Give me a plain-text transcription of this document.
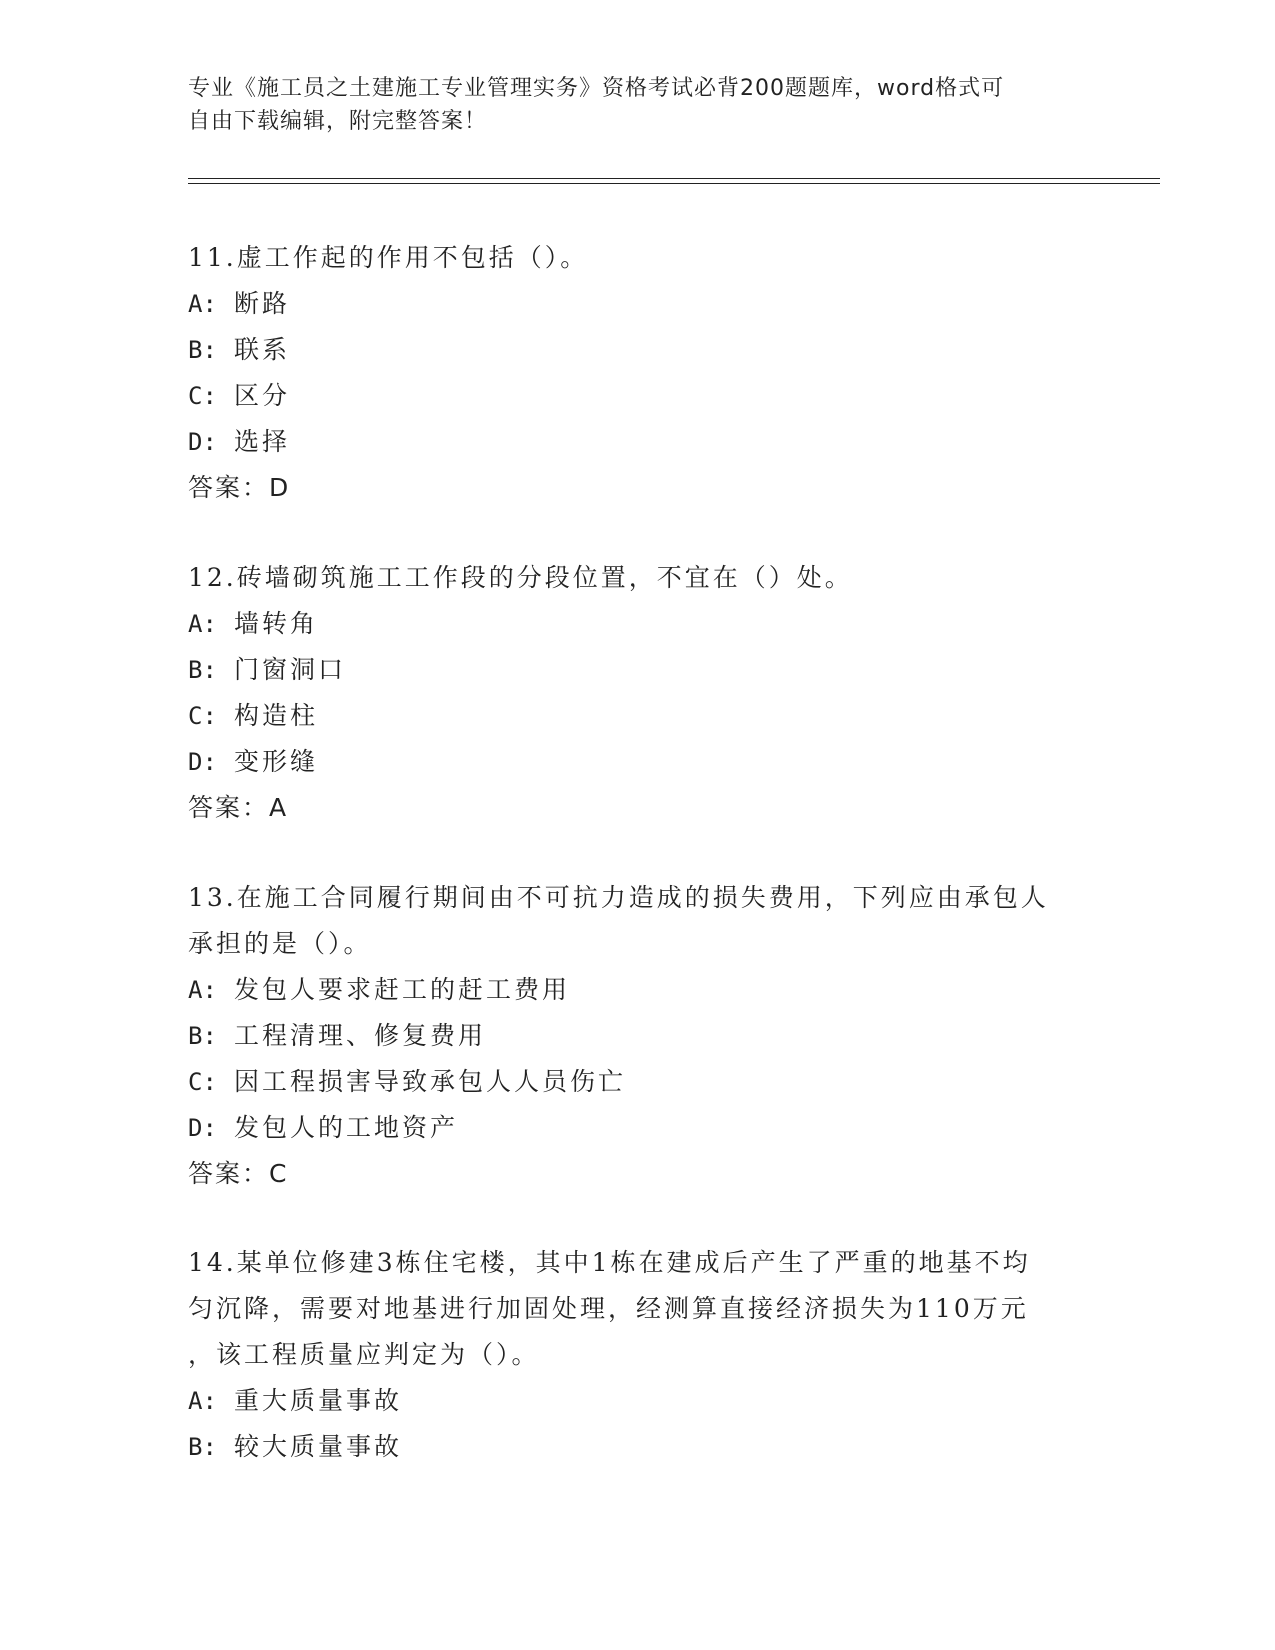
专业《施工员之土建施工专业管理实务》资格考试必背200题题库，word格式可
自由下载编辑，附完整答案！
11.虚工作起的作用不包括（）。
A: 断路
B: 联系
C: 区分
D: 选择
答案：D
12.砖墙砌筑施工工作段的分段位置，不宜在（）处。
A: 墙转角
B: 门窗洞口
C: 构造柱
D: 变形缝
答案：A
13.在施工合同履行期间由不可抗力造成的损失费用，下列应由承包人
承担的是（）。
A: 发包人要求赶工的赶工费用
B: 工程清理、修复费用
C: 因工程损害导致承包人人员伤亡
D: 发包人的工地资产
答案：C
14.某单位修建3栋住宅楼，其中1栋在建成后产生了严重的地基不均
匀沉降，需要对地基进行加固处理，经测算直接经济损失为110万元
，该工程质量应判定为（）。
A: 重大质量事故
B: 较大质量事故
